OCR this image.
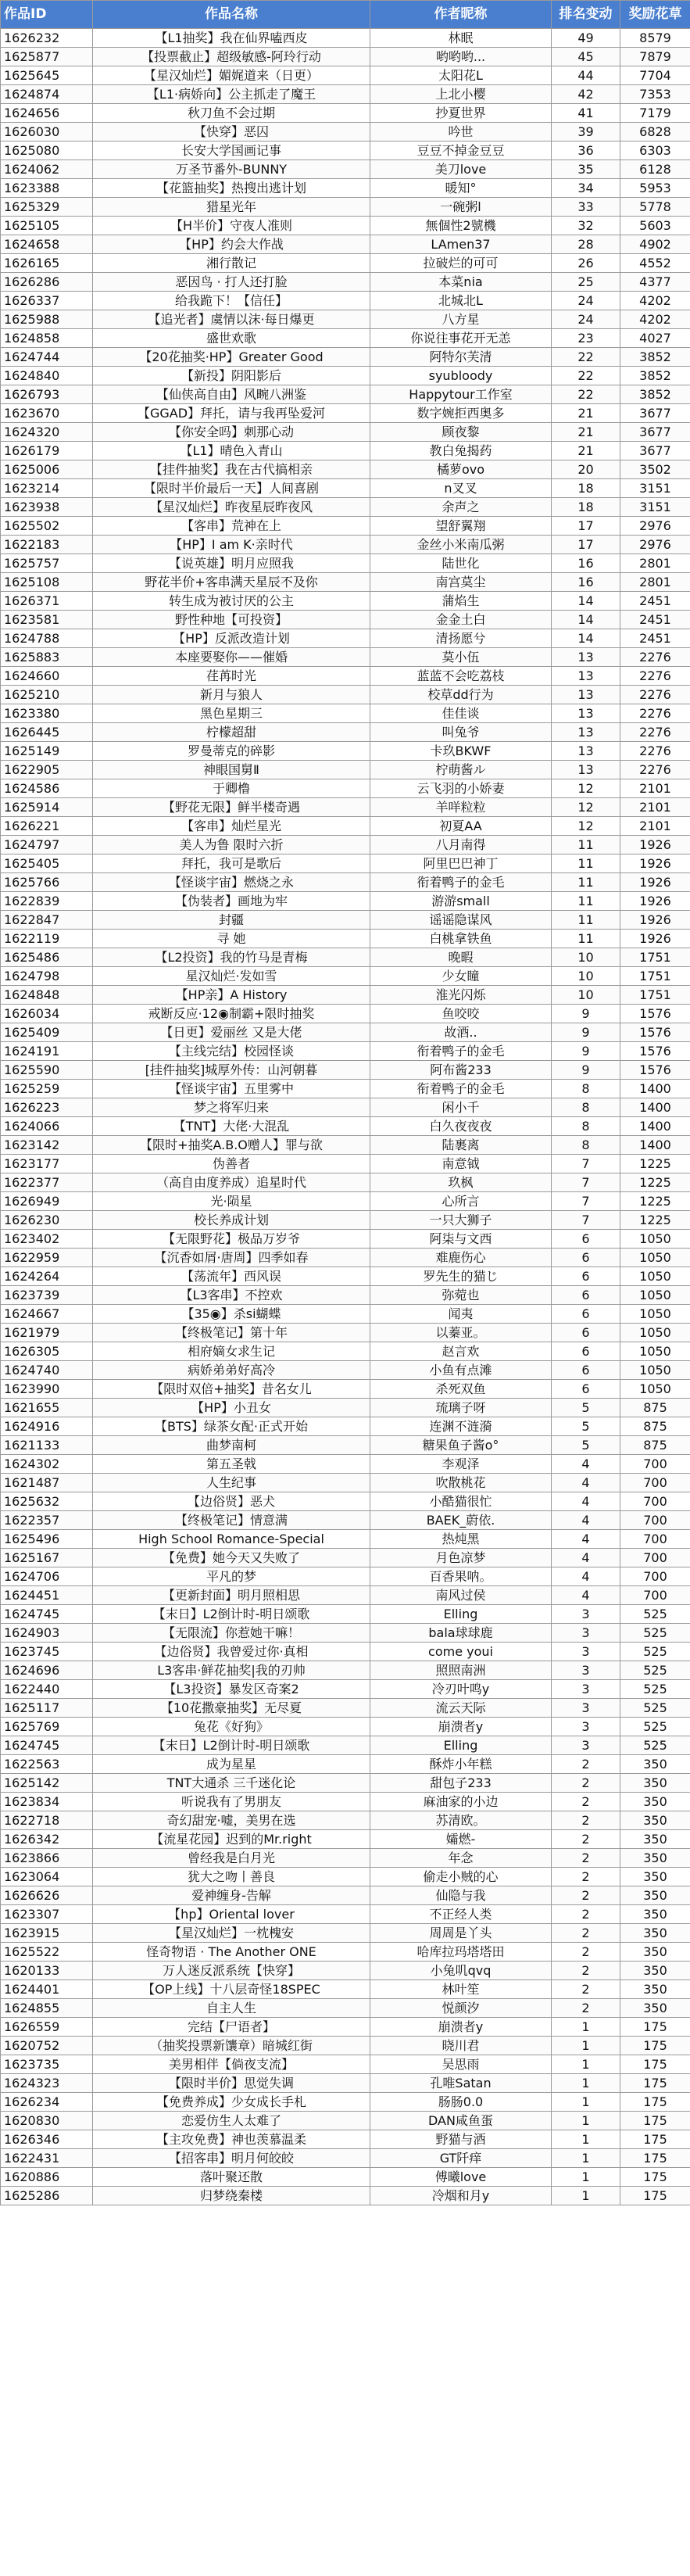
作品ID	作品名称	作者昵称	排名变动	奖励花草
1626232	【L1抽奖】我在仙界嗑西皮	林眠	49	8579
1625877	【投票截止】超级敏感-阿玲行动	哟哟哟...	45	7879
1625645	【星汉灿烂】媚娓道来（日更）	太阳花L	44	7704
1624874	【L1·病娇向】公主抓走了魔王	上北小樱	42	7353
1624656	秋刀鱼不会过期	抄夏世界	41	7179
1626030	【快穿】恶囚	吟世	39	6828
1625080	长安大学国画记事	豆豆不掉金豆豆	36	6303
1624062	万圣节番外-BUNNY	美刀love	35	6128
1623388	【花篮抽奖】热搜出逃计划	暖知°	34	5953
1625329	猎星光年	一碗粥l	33	5778
1625105	【H半价】守夜人准则	無個性2號機	32	5603
1624658	【HP】约会大作战	LAmen37	28	4902
1626165	湘行散记	拉破烂的可可	26	4552
1626286	恶因鸟 · 打人还打脸	本菜nia	25	4377
1626337	给我跪下！【信任】	北城北L	24	4202
1625988	【追光者】虞情以沫·每日爆更	八方星	24	4202
1624858	盛世欢歌	你说往事花开无恙	23	4027
1624744	【20花抽奖·HP】Greater Good	阿特尔芙清	22	3852
1624840	【新投】阴阳影后	syubloody	22	3852
1626793	【仙侠高自由】风畹八洲鉴	Happytour工作室	22	3852
1623670	【GGAD】拜托，请与我再坠爱河	数字婉拒西奥多	21	3677
1624320	【你安全吗】刺那心动	顾夜黎	21	3677
1626179	【L1】晴色入青山	教白兔揭药	21	3677
1625006	【挂件抽奖】我在古代搞相亲	橘萝ovo	20	3502
1623214	【限时半价最后一天】人间喜剧	n叉叉	18	3151
1623938	【星汉灿烂】昨夜星辰昨夜风	余声之	18	3151
1625502	【客串】荒神在上	望舒翼翔	17	2976
1622183	【HP】I am K·亲时代	金丝小米南瓜粥	17	2976
1625757	【说英雄】明月应照我	陆世化	16	2801
1625108	野花半价+客串满天星辰不及你	南宫莫尘	16	2801
1626371	转生成为被讨厌的公主	蒲焰生	14	2451
1623581	野性种地【可投资】	金金土白	14	2451
1624788	【HP】反派改造计划	清扬愿兮	14	2451
1625883	本座要娶你——催婚	莫小伍	13	2276
1624660	荏苒时光	蓝蓝不会吃荔枝	13	2276
1625210	新月与狼人	校草dd行为	13	2276
1623380	黑色星期三	佳佳谈	13	2276
1626445	柠檬超甜	叫兔爷	13	2276
1625149	罗曼蒂克的碎影	卡玖BKWF	13	2276
1622905	神眼国舅Ⅱ	柠萌酱ル	13	2276
1624586	于卿橹	云飞羽的小娇妻	12	2101
1625914	【野花无限】鲜半楼奇遇	羊咩粒粒	12	2101
1626221	【客串】灿烂星光	初夏AA	12	2101
1624797	美人为鲁 限时六折	八月南得	11	1926
1625405	拜托，我可是歌后	阿里巴巴神丁	11	1926
1625766	【怪谈宇宙】燃烧之永	衔着鸭子的金毛	11	1926
1622839	【伪装者】画地为牢	游游small	11	1926
1622847	封疆	谣谣隐谋风	11	1926
1622119	寻 她	白桃拿铁鱼	11	1926
1625486	【L2投资】我的竹马是青梅	晚暇	10	1751
1624798	星汉灿烂·发如雪	少女瞳	10	1751
1624848	【HP亲】A History	淮光闪烁	10	1751
1626034	戒断反应·12◉制霸+限时抽奖	鱼咬咬	9	1576
1625409	【日更】爱丽丝 又是大佬	故酒..	9	1576
1624191	【主线完结】校园怪谈	衔着鸭子的金毛	9	1576
1625590	[挂件抽奖]城厚外传：山河朝暮	阿布酱233	9	1576
1625259	【怪谈宇宙】五里雾中	衔着鸭子的金毛	8	1400
1626223	梦之将军归来	闲小千	8	1400
1624066	【TNT】大佬·大混乱	白久夜夜夜	8	1400
1623142	【限时+抽奖A.B.O赠人】罪与欲	陆裹离	8	1400
1623177	伪善者	南意钺	7	1225
1622377	（高自由度养成）追星时代	玖枫	7	1225
1626949	光·陨星	心所言	7	1225
1626230	校长养成计划	一只大狮子	7	1225
1623402	【无限野花】极品万岁爷	阿柒与文西	6	1050
1622959	【沉香如屑·唐周】四季如春	难鹿伤心	6	1050
1624264	【荡流年】西风误	罗先生的猫じ	6	1050
1623739	【L3客串】不控欢	弥菀也	6	1050
1624667	【35◉】杀si蝴蝶	闻夷	6	1050
1621979	【终极笔记】第十年	以蓁亚。	6	1050
1626305	相府嫡女求生记	赵言欢	6	1050
1624740	病娇弟弟好高冷	小鱼有点滩	6	1050
1623990	【限时双倍+抽奖】昔名女儿	杀死双鱼	6	1050
1621655	【HP】小丑女	琉璃子呀	5	875
1624916	【BTS】绿茶女配·正式开始	连渊不涟漪	5	875
1621133	曲梦南柯	糖果鱼子酱o°	5	875
1624302	第五圣戟	李观泽	4	700
1621487	人生纪事	吹散桃花	4	700
1625632	【边俗贤】恶犬	小酷猫很忙	4	700
1622357	【终极笔记】情意满	BAEK_蔚依.	4	700
1625496	High School Romance-Special	热炖黑	4	700
1625167	【免费】她今天又失败了	月色凉梦	4	700
1624706	平凡的梦	百香果呐。	4	700
1624451	【更新封面】明月照相思	南风过侯	4	700
1624745	【末日】L2倒计时-明日颂歌	Elling	3	525
1624903	【无限流】你惹她干嘛！	bala球球鹿	3	525
1623745	【边俗贤】我曾爱过你·真相	come youi	3	525
1624696	L3客串·鲜花抽奖|我的刃帅	照照南洲	3	525
1622440	【L3投资】暴发区奇案2	冷刃叶鸣y	3	525
1625117	【10花撒豪抽奖】无尽夏	流云天际	3	525
1625769	兔花《好狗》	崩溃者y	3	525
1624745	【末日】L2倒计时-明日颂歌	Elling	3	525
1622563	成为星星	酥炸小年糕	2	350
1625142	TNT大通杀 三千迷化论	甜包子233	2	350
1623834	听说我有了男朋友	麻油家的小边	2	350
1622718	奇幻甜宠·嘘，美男在选	苏清欧。	2	350
1626342	【流星花园】迟到的Mr.right	孀燃-	2	350
1623866	曾经我是白月光	年念	2	350
1623064	犹大之吻丨善良	偷走小贼的心	2	350
1626626	爱神缠身-告解	仙隐与我	2	350
1623307	【hp】Oriental lover	不正经人类	2	350
1623915	【星汉灿烂】一枕槐安	周周是丫头	2	350
1625522	怪奇物语 · The Another ONE	哈库拉玛塔塔田	2	350
1620133	万人迷反派系统【快穿】	小兔叽qvq	2	350
1624401	【OP上线】十八层奇怪18SPEC	林叶笙	2	350
1624855	自主人生	悦颜汐	2	350
1626559	完结【尸语者】	崩溃者y	1	175
1620752	（抽奖投票新馕章）暗城红街	晓川君	1	175
1623735	美男相伴【倘夜支流】	吴思雨	1	175
1624323	【限时半价】思觉失调	孔唯Satan	1	175
1626234	【免费养成】少女成长手札	肠肠0.0	1	175
1620830	恋爱仿生人太难了	DAN咸鱼蛋	1	175
1626346	【主攻免费】神也羡慕温柔	野猫与酒	1	175
1622431	【招客串】明月何皎皎	GT阡痒	1	175
1620886	落叶聚还散	傅曦love	1	175
1625286	归梦绕秦楼	冷烟和月y	1	175
